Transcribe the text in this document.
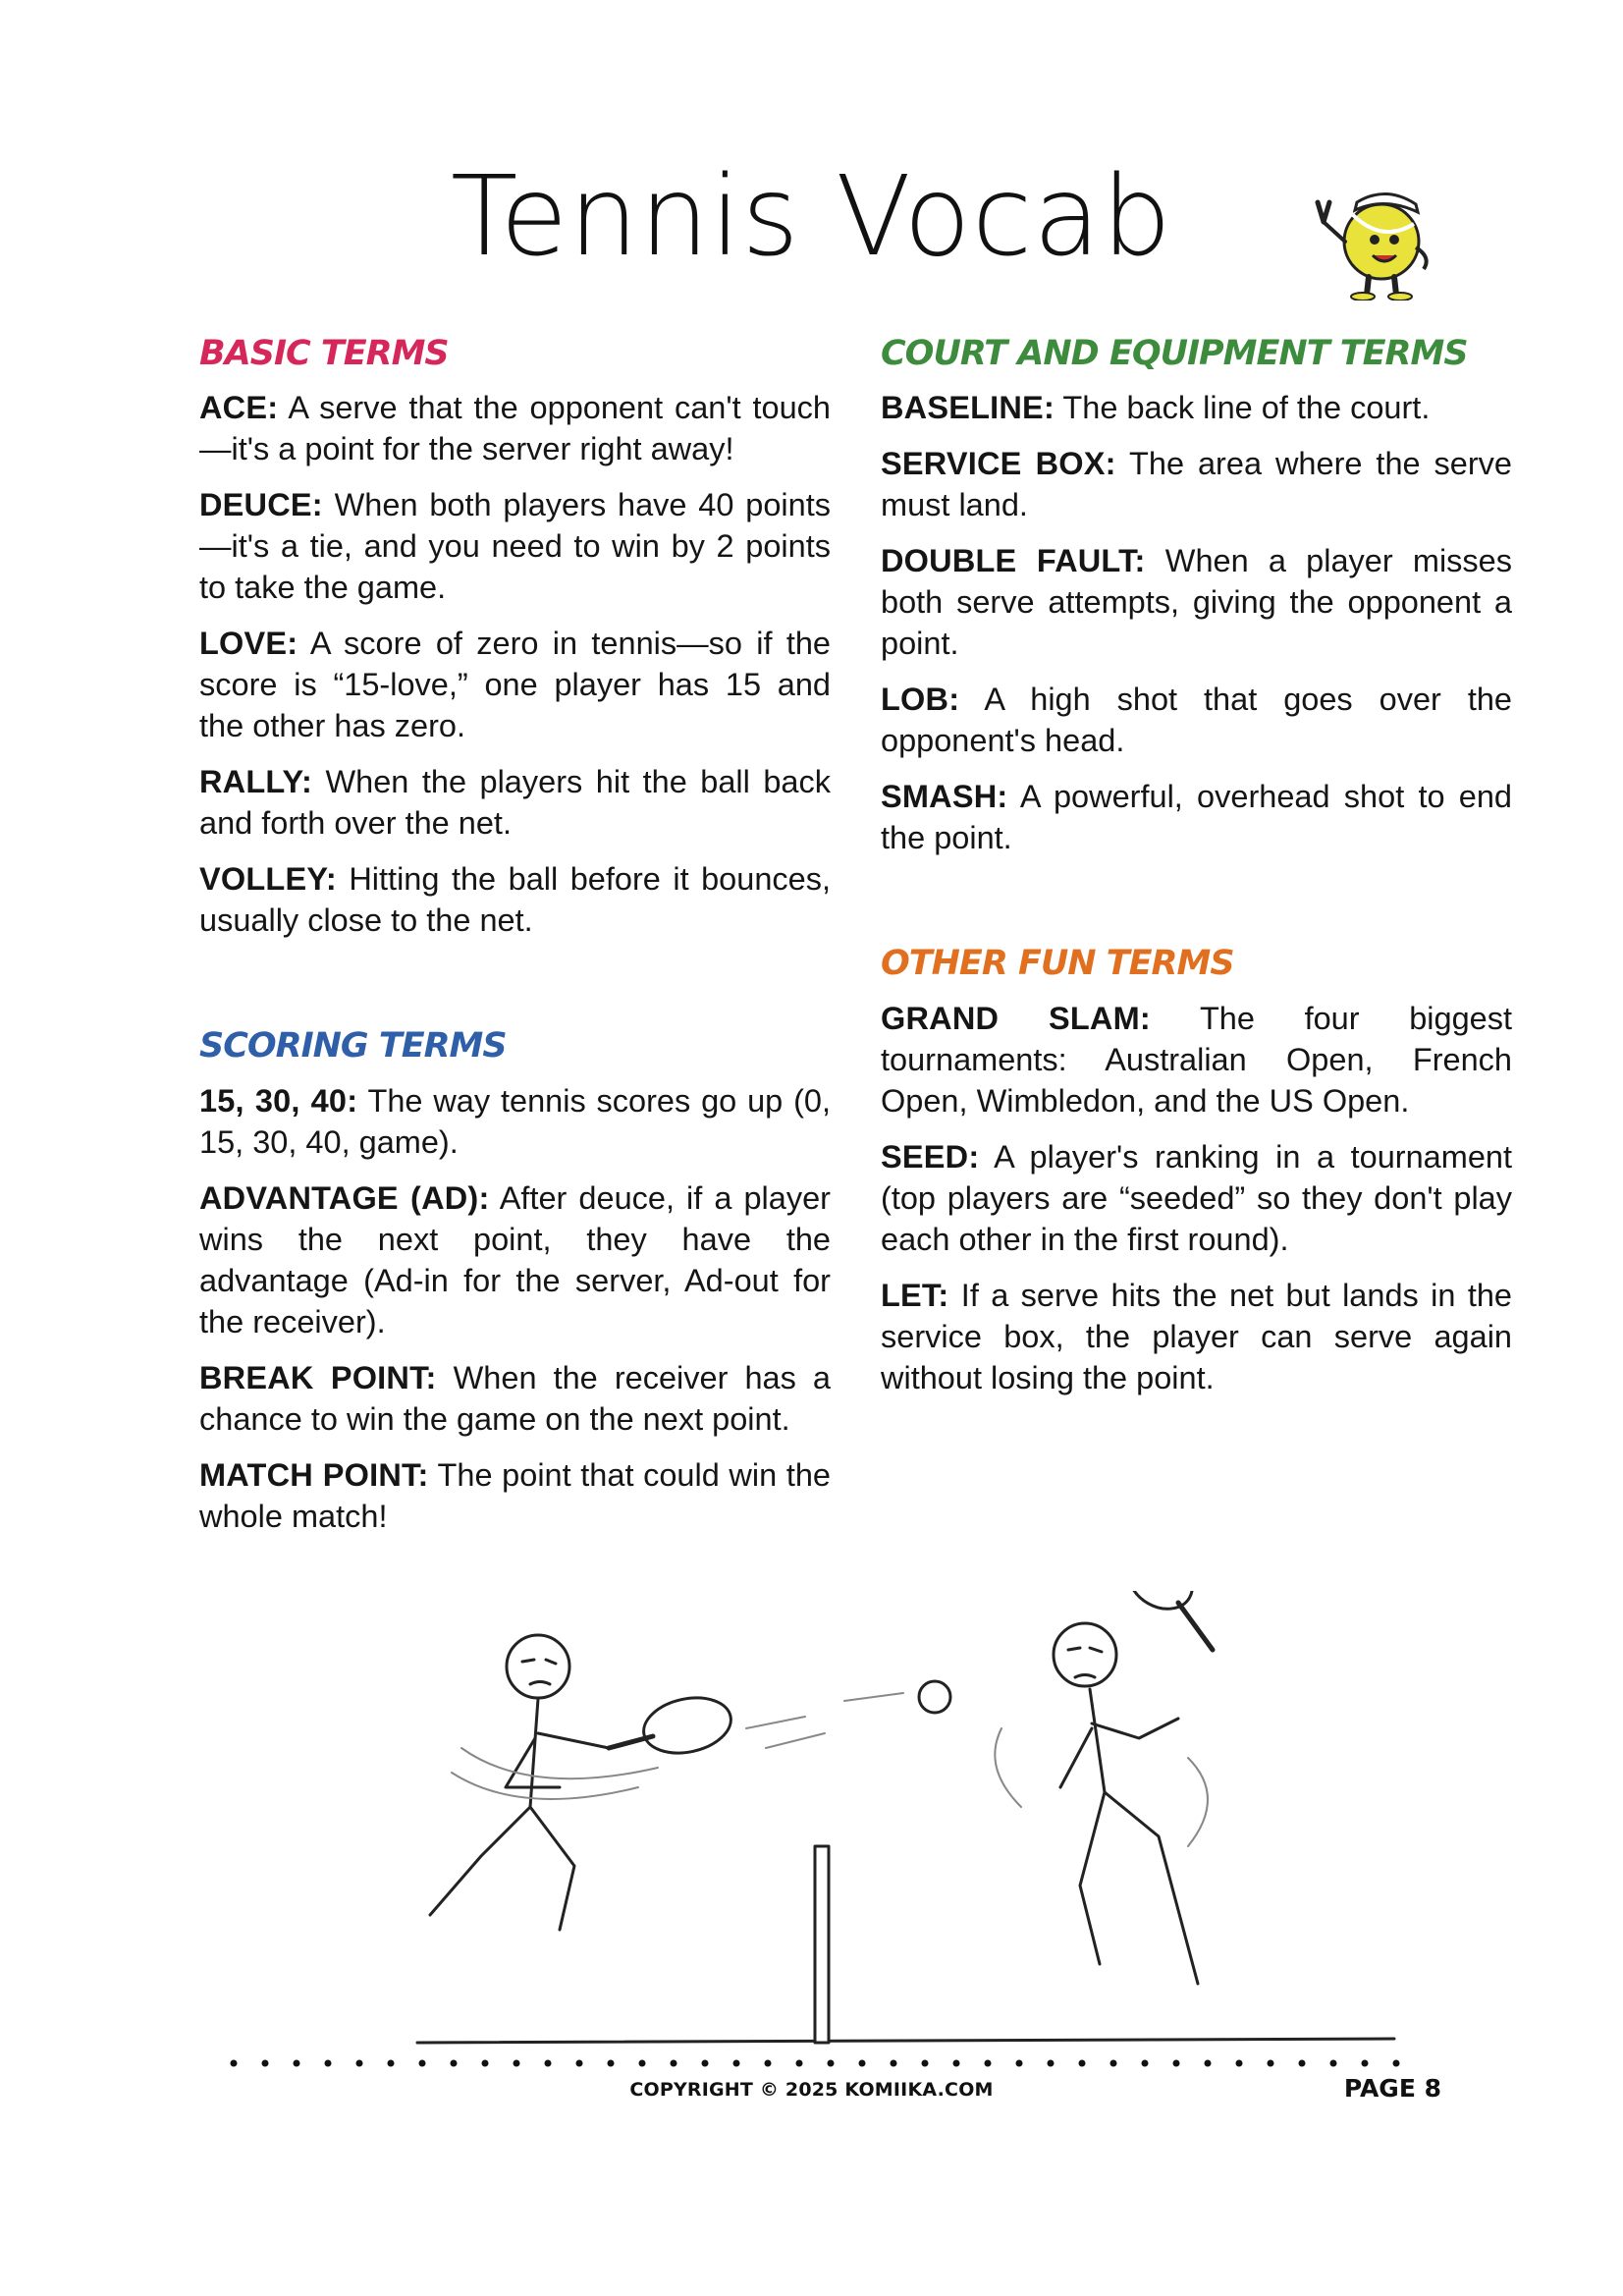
Tennis Vocab
BASIC TERMS

ACE: A serve that the opponent can't touch—it's a point for the server right away!

DEUCE: When both players have 40 points—it's a tie, and you need to win by 2 points to take the game.

LOVE: A score of zero in tennis—so if the score is “15-love,” one player has 15 and the other has zero.

RALLY: When the players hit the ball back and forth over the net.

VOLLEY: Hitting the ball before it bounces, usually close to the net.

SCORING TERMS

15, 30, 40: The way tennis scores go up (0, 15, 30, 40, game).

ADVANTAGE (AD): After deuce, if a player wins the next point, they have the advantage (Ad-in for the server, Ad-out for the receiver).

BREAK POINT: When the receiver has a chance to win the game on the next point.

MATCH POINT: The point that could win the whole match!

COURT AND EQUIPMENT TERMS

BASELINE: The back line of the court.

SERVICE BOX: The area where the serve must land.

DOUBLE FAULT: When a player misses both serve attempts, giving the opponent a point.

LOB: A high shot that goes over the opponent's head.

SMASH: A powerful, overhead shot to end the point.

OTHER FUN TERMS

GRAND SLAM: The four biggest tournaments: Australian Open, French Open, Wimbledon, and the US Open.

SEED: A player's ranking in a tournament (top players are “seeded” so they don't play each other in the first round).

LET: If a serve hits the net but lands in the service box, the player can serve again without losing the point.

COPYRIGHT © 2025 KOMIIKA.COM	PAGE 8
